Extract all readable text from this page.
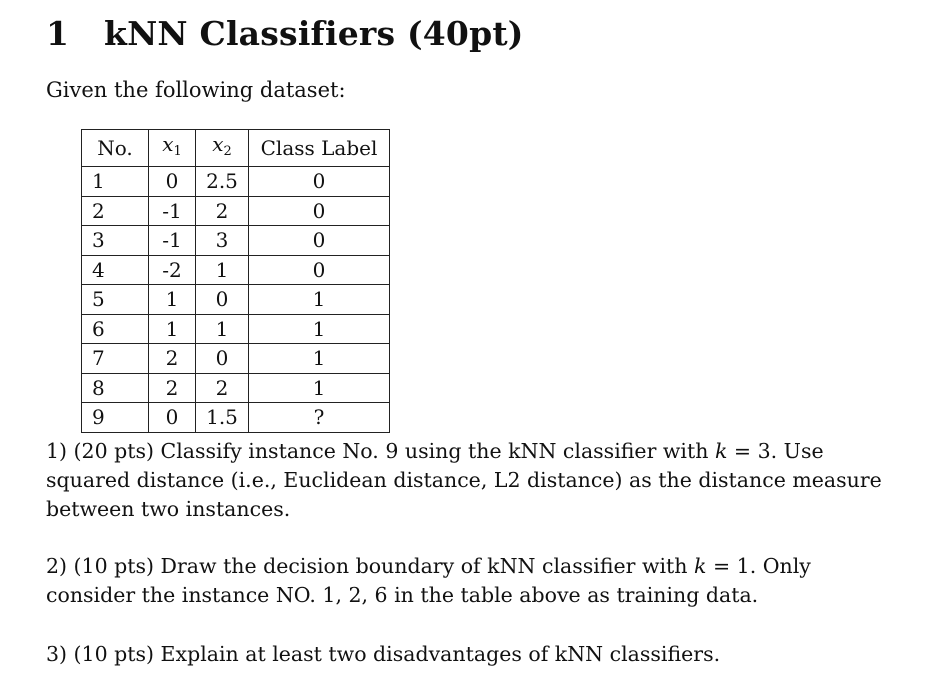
1 kNN Classifiers (40pt)
Given the following dataset:
No.	$x_1$	$x_2$	Class Label
1	0	2.5	0
2	-1	2	0
3	-1	3	0
4	-2	1	0
5	1	0	1
6	1	1	1
7	2	0	1
8	2	2	1
9	0	1.5	?
1) (20 pts) Classify instance No. 9 using the kNN classifier with k = 3. Use squared distance (i.e., Euclidean distance, L2 distance) as the distance measure between two instances.
2) (10 pts) Draw the decision boundary of kNN classifier with k = 1. Only consider the instance NO. 1, 2, 6 in the table above as training data.
3) (10 pts) Explain at least two disadvantages of kNN classifiers.
